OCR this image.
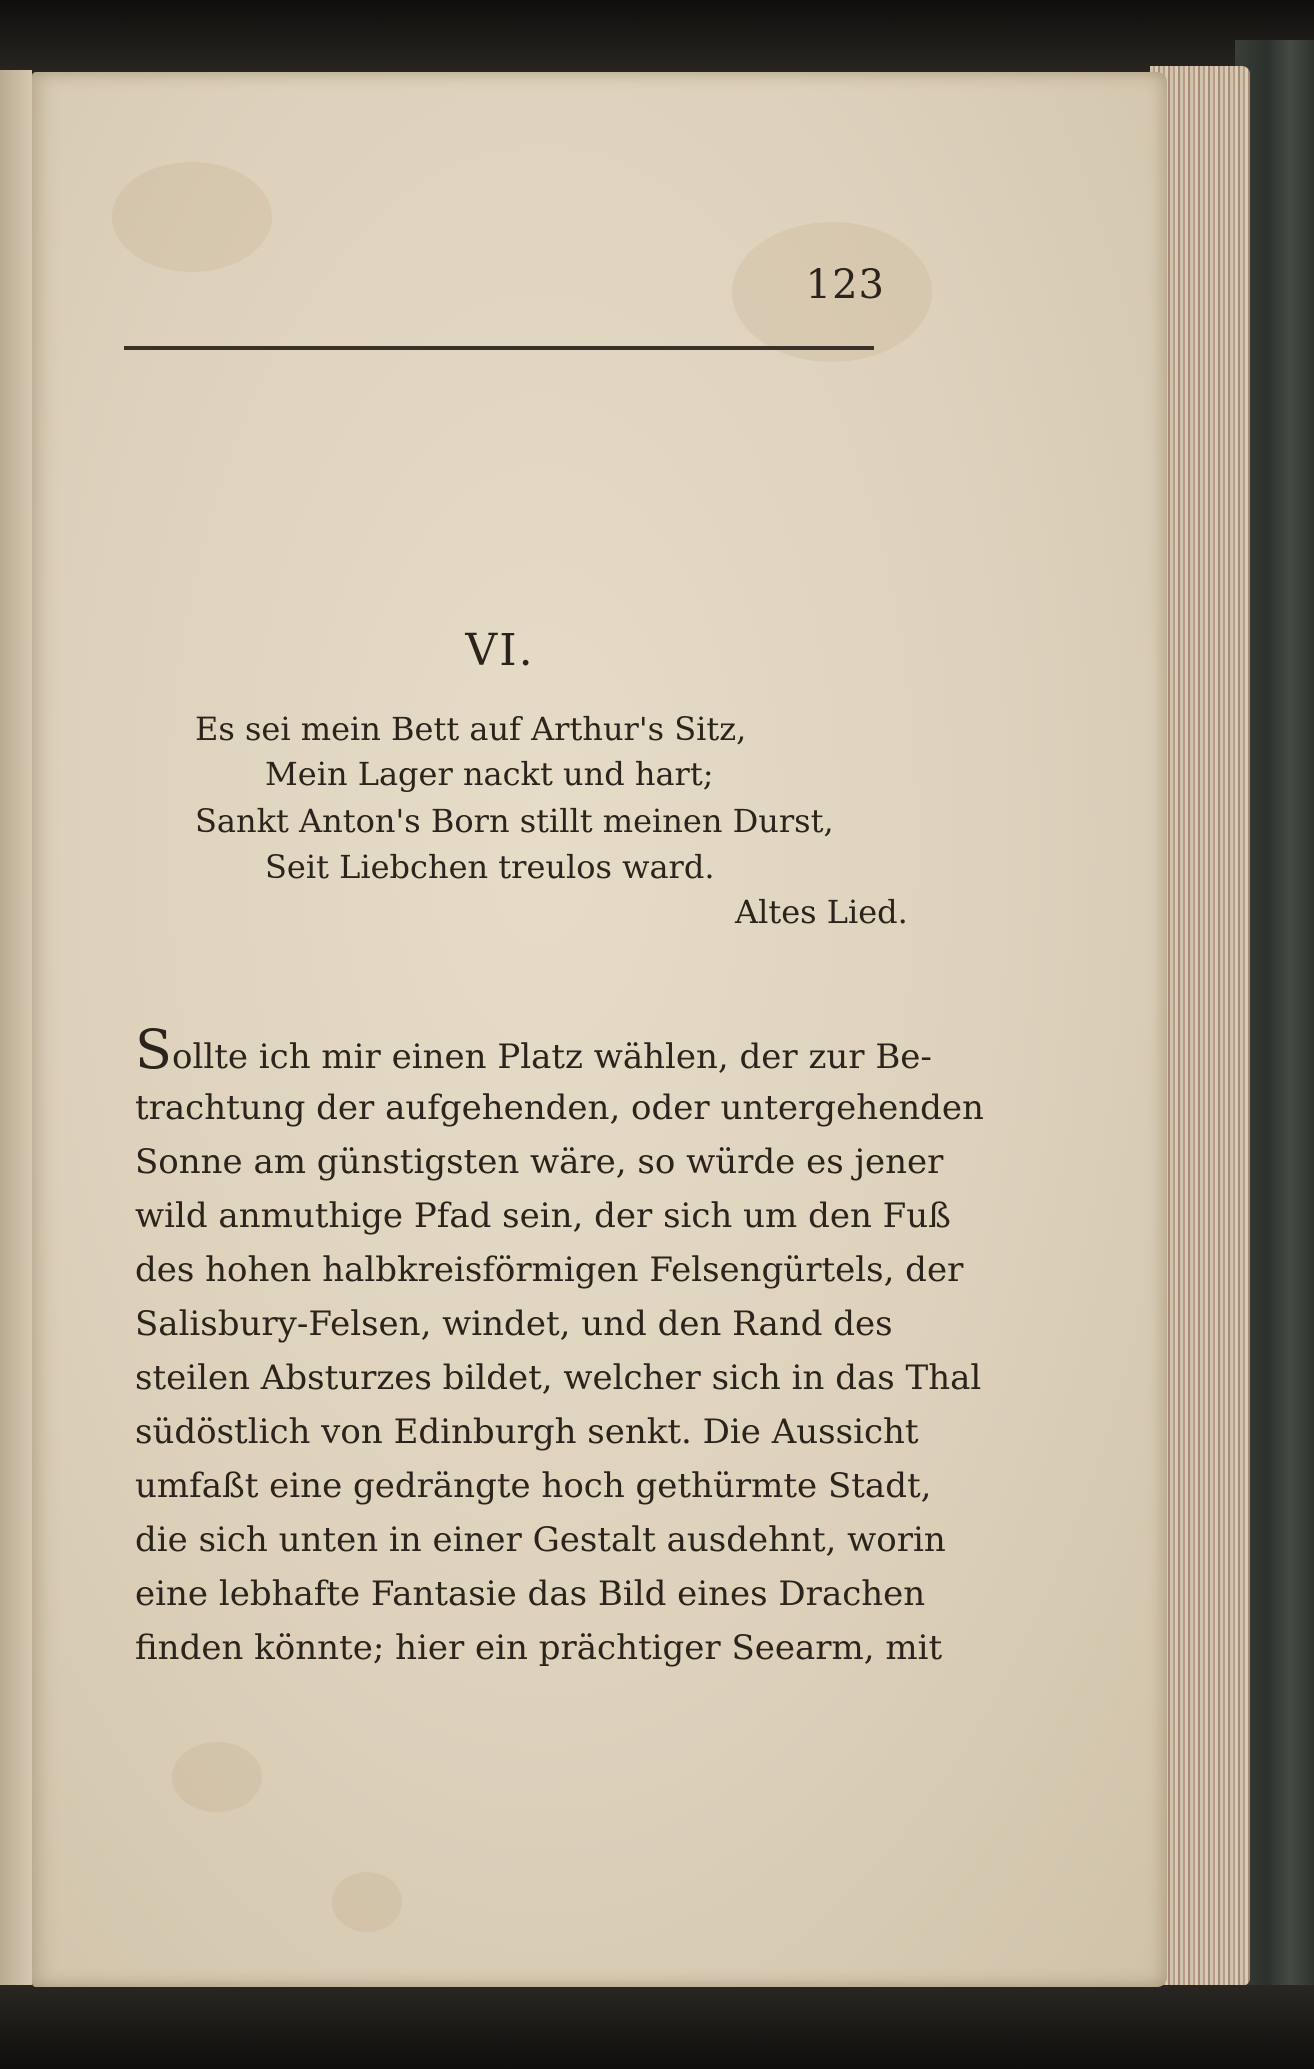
123
VI.
Es sei mein Bett auf Arthur's Sitz,
Mein Lager nackt und hart;
Sankt Anton's Born stillt meinen Durst,
Seit Liebchen treulos ward.
Altes Lied.
Sollte ich mir einen Platz wählen, der zur Be-
trachtung der aufgehenden, oder untergehenden
Sonne am günstigsten wäre, so würde es jener
wild anmuthige Pfad sein, der sich um den Fuß
des hohen halbkreisförmigen Felsengürtels, der
Salisbury-Felsen, windet, und den Rand des
steilen Absturzes bildet, welcher sich in das Thal
südöstlich von Edinburgh senkt. Die Aussicht
umfaßt eine gedrängte hoch gethürmte Stadt,
die sich unten in einer Gestalt ausdehnt, worin
eine lebhafte Fantasie das Bild eines Drachen
finden könnte; hier ein prächtiger Seearm, mit
